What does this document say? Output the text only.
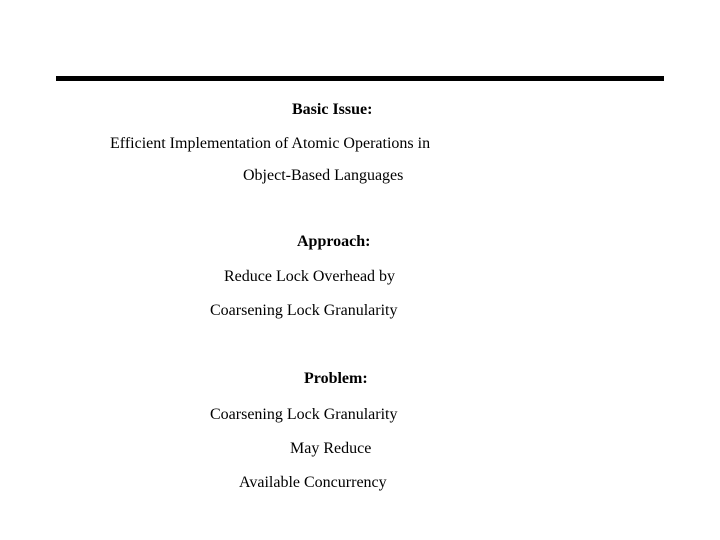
Basic Issue:
Efficient Implementation of Atomic Operations in
Object-Based Languages
Approach:
Reduce Lock Overhead by
Coarsening Lock Granularity
Problem:
Coarsening Lock Granularity
May Reduce
Available Concurrency
